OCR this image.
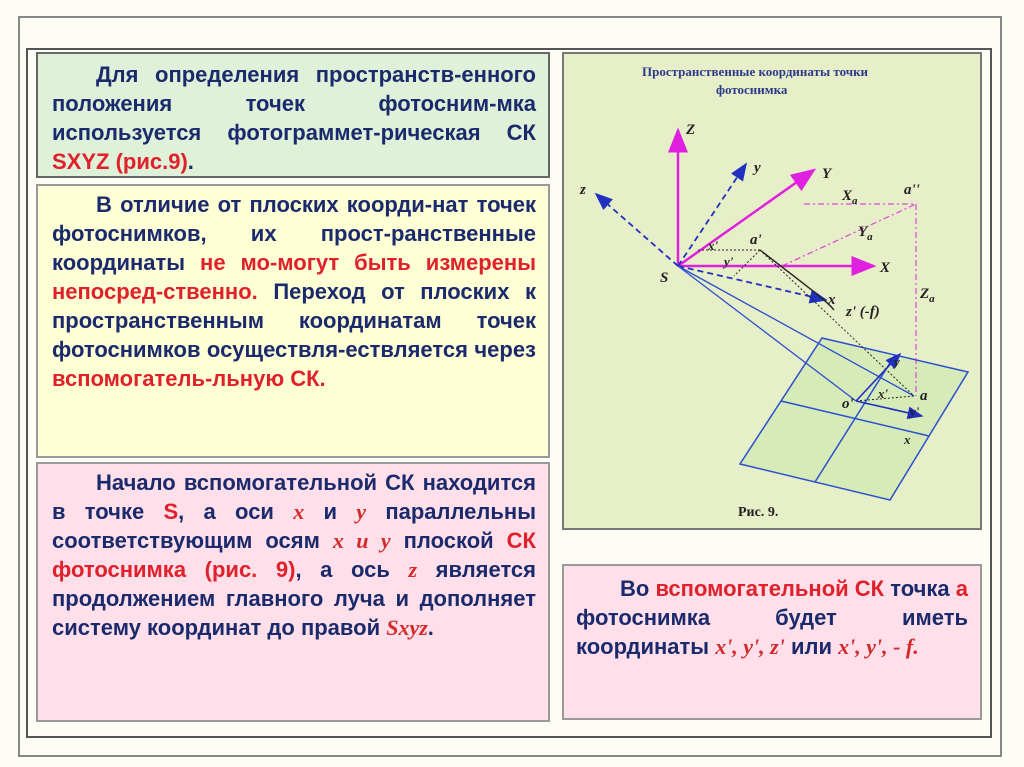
Для определения пространств-енного положения точек фотосним-мка используется фотограммет-рическая СК SXYZ (рис.9).
В отличие от плоских коорди-нат точек фотоснимков, их прост-ранственные координаты не мо-могут быть измерены непосред-ственно. Переход от плоских к пространственным координатам точек фотоснимков осуществля-ествляется через вспомогатель-льную СК.
Начало вспомогательной СК находится в точке S, а оси x и y параллельны соответствующим осям x и y плоской СК фотоснимка (рис. 9), а ось z является продолжением главного луча и дополняет систему координат до правой Sxyz.
Пространственные координаты точки
фотоснимка
Z
y	Y
z
S
X
x
$X_a$
a''
$Y_a$
$Z_a$
x' a'
y'
z' (-f)
y
o'
x' a
y'
x
Рис. 9.
Во вспомогательной СК точка а фотоснимка будет иметь координаты x', y', z' или x', y', - f.
